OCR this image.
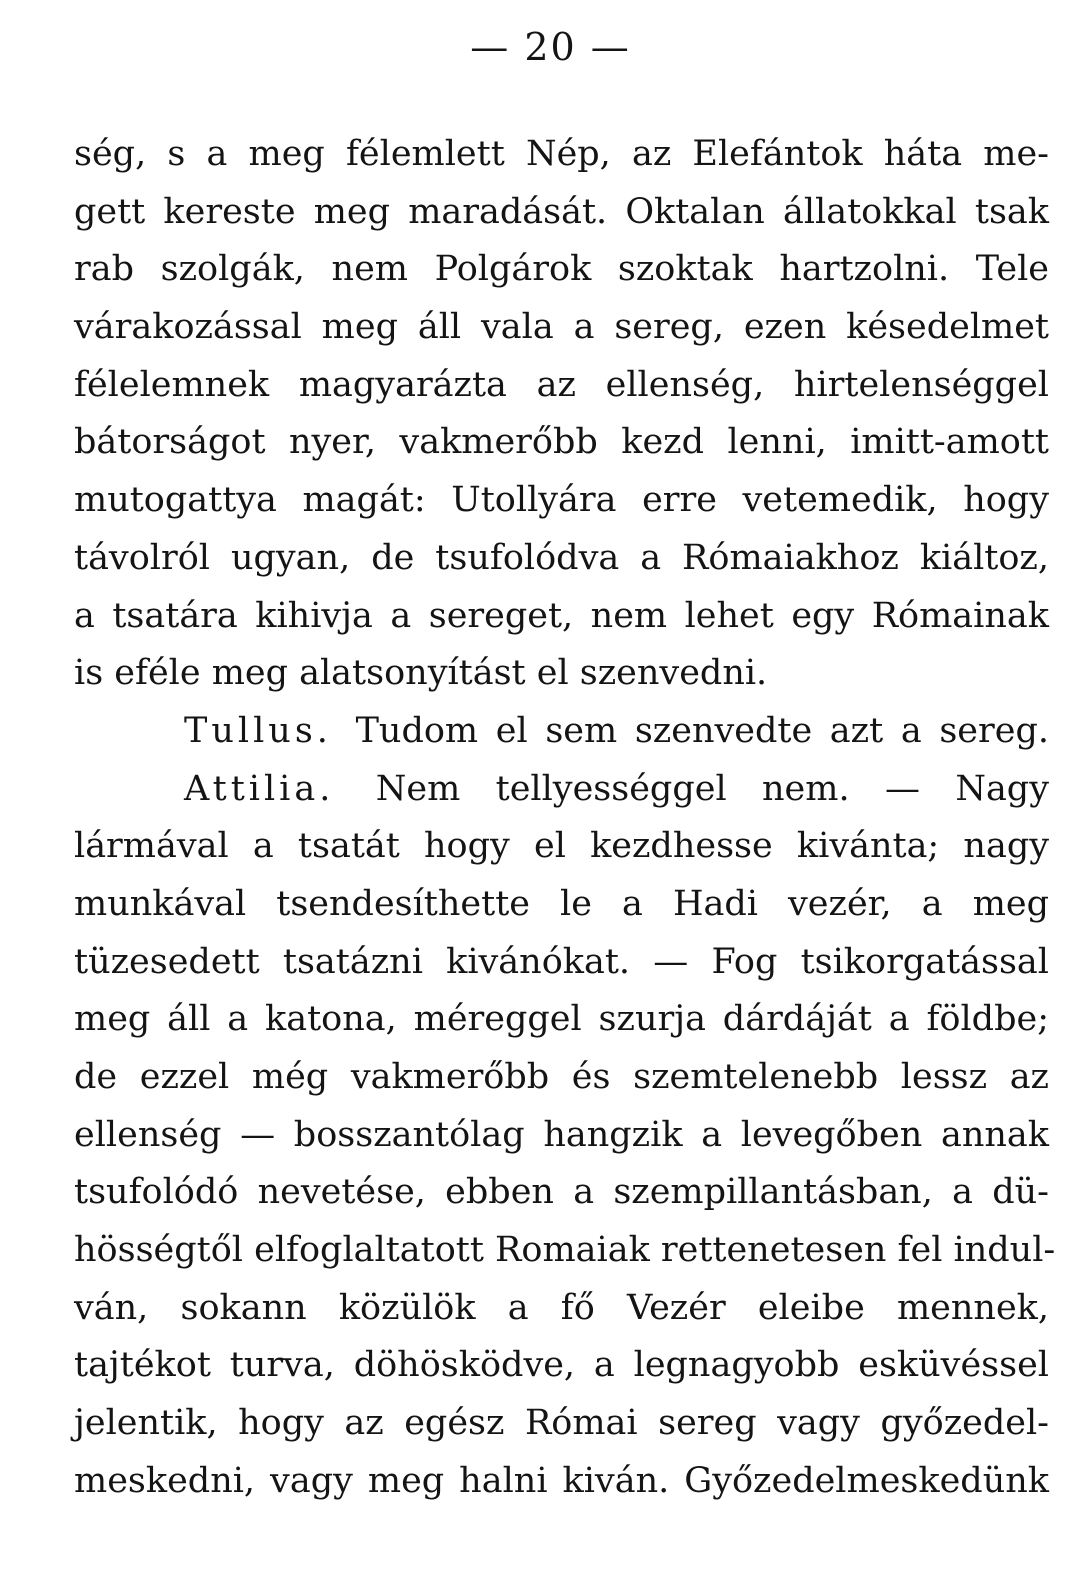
— 20 —
ség, s a meg félemlett Nép, az Elefántok háta me-
gett kereste meg maradását. Oktalan állatokkal tsak
rab szolgák, nem Polgárok szoktak hartzolni. Tele
várakozással meg áll vala a sereg, ezen késedelmet
félelemnek magyarázta az ellenség, hirtelenséggel
bátorságot nyer, vakmerőbb kezd lenni, imitt-amott
mutogattya magát: Utollyára erre vetemedik, hogy
távolról ugyan, de tsufolódva a Rómaiakhoz kiáltoz,
a tsatára kihivja a sereget, nem lehet egy Rómainak
is eféle meg alatsonyítást el szenvedni.
Tullus. Tudom el sem szenvedte azt a sereg.
Attilia. Nem tellyességgel nem. — Nagy
lármával a tsatát hogy el kezdhesse kivánta; nagy
munkával tsendesíthette le a Hadi vezér, a meg
tüzesedett tsatázni kivánókat. — Fog tsikorgatással
meg áll a katona, méreggel szurja dárdáját a földbe;
de ezzel még vakmerőbb és szemtelenebb lessz az
ellenség — bosszantólag hangzik a levegőben annak
tsufolódó nevetése, ebben a szempillantásban, a dü-
hösségtől elfoglaltatott Romaiak rettenetesen fel indul-
ván, sokann közülök a fő Vezér eleibe mennek,
tajtékot turva, döhösködve, a legnagyobb esküvéssel
jelentik, hogy az egész Római sereg vagy győzedel-
meskedni, vagy meg halni kiván. Győzedelmeskedünk
